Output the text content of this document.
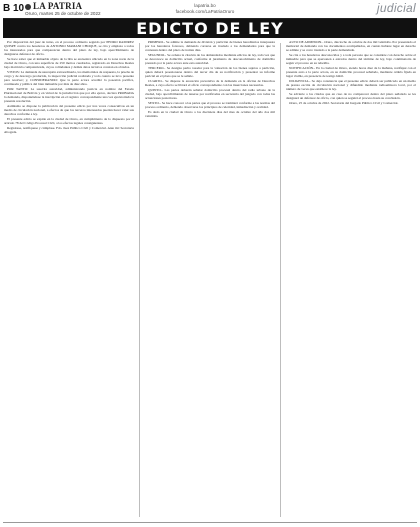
B 10 LA PATRIA
Oruro, martes 25 de octubre de 2022
lapatria.bo
facebook.com/LaPatriaOruro	judicial
EDICTO DE LEY

Por disposición del juez de turno, en el proceso ordinario seguido por PEDRO RAMÍREZ QUISPE contra los herederos de ANTONIO MAMANI CHOQUE, se cita y emplaza a todos los interesados para que comparezcan dentro del plazo de ley, bajo apercibimiento de designarse defensor de oficio.

Se hace saber que el inmueble objeto de la litis se encuentra ubicado en la zona norte de la ciudad de Oruro, con una superficie de 250 metros cuadrados, registrado en Derechos Reales bajo matrícula computarizada, cuyos colindantes y demás datos técnicos constan en obrados.

VISTOS: La demanda de usucapión extraordinaria, los memoriales de respuesta, la prueba de cargo y de descargo producida, la inspección judicial realizada y todo cuanto se tuvo presente para resolver; y, CONSIDERANDO: Que la parte actora acreditó la posesión pacífica, continuada y pública del bien inmueble por más de diez años.

POR TANTO: La suscrita autoridad, administrando justicia en nombre del Estado Plurinacional de Bolivia y en virtud de la jurisdicción que por ella ejerce, declara PROBADA la demanda, disponiéndose la inscripción en el registro correspondiente una vez ejecutoriada la presente resolución.

Asimismo se dispone la publicación del presente edicto por tres veces consecutivas en un medio de circulación nacional, a efectos de que los terceros interesados puedan hacer valer sus derechos conforme a ley.

El presente edicto se expide en la ciudad de Oruro, en cumplimiento de lo dispuesto por el artículo 78 del Código Procesal Civil, a los efectos legales consiguientes.

Registrese, notifíquese y cúmplase. Fdo. Juez Público Civil y Comercial. Ante mí: Secretaria Abogada.

PRIMERO.- Se admite la demanda de división y partición de bienes hereditarios interpuesta por los herederos forzosos, debiendo correrse en traslado a los demandados para que la contesten dentro del plazo de treinta días.

SEGUNDO.- Se ordena la citación de los demandados mediante edictos de ley, toda vez que se desconoce su domicilio actual, conforme al juramento de desconocimiento de domicilio prestado por la parte actora ante esta autoridad.

TERCERO.- Se designa perito tasador para la valuación de los bienes sujetos a partición, quien deberá posesionarse dentro del tercer día de su notificación y presentar su informe pericial en el plazo que se le señale.

CUARTO.- Se dispone la anotación preventiva de la demanda en la oficina de Derechos Reales, a cuyo efecto se librará el oficio correspondiente con las inserciones necesarias.

QUINTO.- Las partes deberán señalar domicilio procesal dentro del radio urbano de la ciudad, bajo apercibimiento de tenerse por notificadas en secretaría del juzgado con todas las actuaciones posteriores.

SEXTO.- Se hace conocer a las partes que el proceso se tramitará conforme a las normas del proceso ordinario, debiendo observarse los principios de celeridad, inmediación y oralidad.

Es dado en la ciudad de Oruro a los diecisiete días del mes de octubre del año dos mil veintidós.

AUTO DE ADMISIÓN.- Oruro, dieciocho de octubre de dos mil veintidós. Por presentado el memorial de demanda con los documentos acompañados, en cuanto hubiere lugar en derecho se admite y se corre traslado a la parte demandada.

Se cita a los herederos desconocidos y a toda persona que se considere con derecho sobre el inmueble para que se apersonen a estrados dentro del término de ley, bajo conminatoria de seguir el proceso en su rebeldía.

NOTIFICACIÓN.- En la ciudad de Oruro, siendo horas diez de la mañana, notifiqué con el presente auto a la parte actora, en su domicilio procesal señalado, mediante cédula fijada en lugar visible, en presencia de testigo hábil.

DILIGENCIA.- Se deja constancia que el presente edicto deberá ser publicado en un medio de prensa escrita de circulación nacional y difundido mediante radioemisora local, por el número de veces que establece la ley.

Se advierte a los citados que en caso de no comparecer dentro del plazo señalado se les designará un defensor de oficio, con quien se seguirá el proceso hasta su conclusión.

Oruro, 25 de octubre de 2022. Secretaría del Juzgado Público Civil y Comercial.
